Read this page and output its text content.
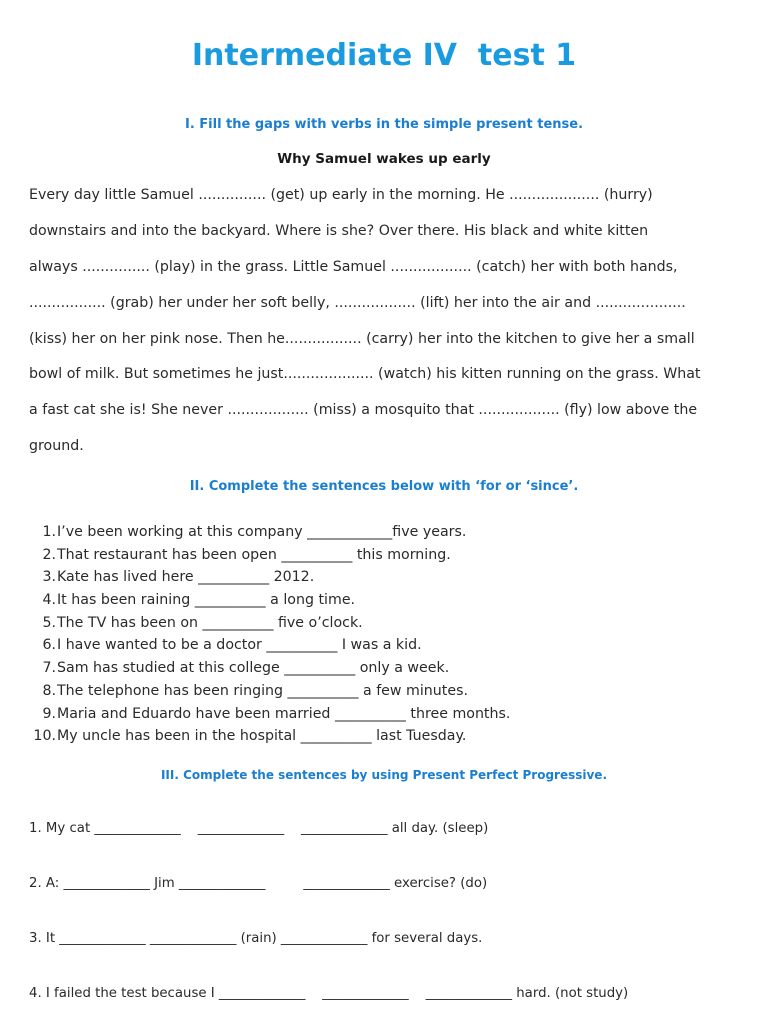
Intermediate IV  test 1
I. Fill the gaps with verbs in the simple present tense.
Why Samuel wakes up early
Every day little Samuel ............... (get) up early in the morning. He .................... (hurry)
downstairs and into the backyard. Where is she? Over there. His black and white kitten
always ............... (play) in the grass. Little Samuel .................. (catch) her with both hands,
................. (grab) her under her soft belly, .................. (lift) her into the air and ....................
(kiss) her on her pink nose. Then he................. (carry) her into the kitchen to give her a small
bowl of milk. But sometimes he just.................... (watch) his kitten running on the grass. What
a fast cat she is! She never .................. (miss) a mosquito that .................. (fly) low above the
ground.
II. Complete the sentences below with ‘for or ‘since’.
1. I’ve been working at this company ____________five years.
2. That restaurant has been open __________ this morning.
3. Kate has lived here __________ 2012.
4. It has been raining __________ a long time.
5. The TV has been on __________ five o’clock.
6. I have wanted to be a doctor __________ I was a kid.
7. Sam has studied at this college __________ only a week.
8. The telephone has been ringing __________ a few minutes.
9. Maria and Eduardo have been married __________ three months.
10. My uncle has been in the hospital __________ last Tuesday.
III. Complete the sentences by using Present Perfect Progressive.
1. My cat _____________    _____________    _____________ all day. (sleep)
2. A: _____________ Jim _____________         _____________ exercise? (do)
3. It _____________ _____________ (rain) _____________ for several days.
4. I failed the test because I _____________    _____________    _____________ hard. (not study)
